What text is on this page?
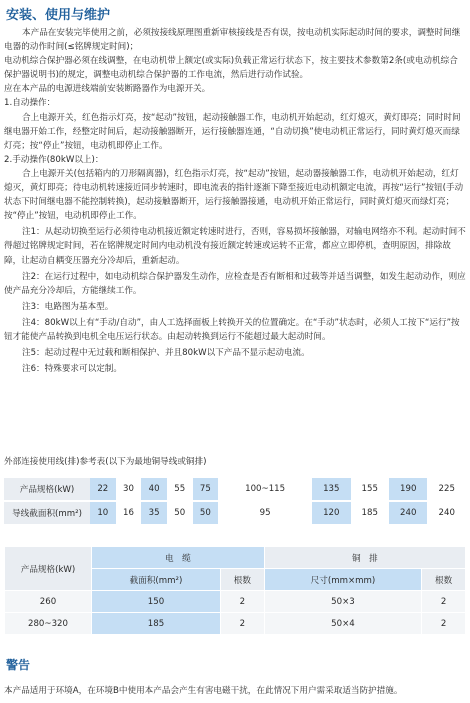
安装、使用与维护

本产品在安装完毕使用之前，必须按接线原理图重新审核接线是否有误，按电动机实际起动时间的要求，调整时间继电器的动作时间(≤铭牌规定时间)；

电动机综合保护器必须在线调整，在电动机带上额定(或实际)负载正常运行状态下，按主要技术参数第2条(或电动机综合保护器说明书)的规定，调整电动机综合保护器的工作电流，然后进行动作试验。

应在本产品的电源进线端前安装断路器作为电源开关。

1.自动操作：

合上电源开关，红色指示灯亮，按“起动”按钮，起动接触器工作，电动机开始起动，红灯熄灭，黄灯即亮；同时时间继电器开始工作，经整定时间后，起动接触器断开，运行接触器连通，“自动切换”使电动机正常运行，同时黄灯熄灭而绿灯亮；按“停止”按钮，电动机即停止工作。

2.手动操作(80kW以上)：

合上电源开关(包括箱内的刀形隔离器)，红色指示灯亮，按“起动”按钮，起动器接触器工作，电动机开始起动，红灯熄灭，黄灯即亮；待电动机转速接近同步转速时，即电流表的指针逐渐下降至接近电动机额定电流，再按“运行”按钮(手动状态下时间继电器不能控制转换)，起动接触器断开，运行接触器接通，电动机开始正常运行，同时黄灯熄灭而绿灯亮；按“停止”按钮，电动机即停止工作。

注1：从起动切换至运行必须待电动机接近额定转速时进行，否则，容易损坏接触器，对输电网络亦不利。起动时间不得超过铭牌规定时间，若在铭牌规定时间内电动机没有接近额定转速或运转不正常，都应立即停机，查明原因，排除故障，让起动自耦变压器充分冷却后，重新起动。

注2：在运行过程中，如电动机综合保护器发生动作，应检查是否有断相和过载等并适当调整，如发生起动动作，则应使产品充分冷却后，方能继续工作。

注3：电路图为基本型。

注4：80kW以上有“手动/自动”，由人工选择面板上转换开关的位置确定。在“手动”状态时，必须人工按下“运行”按钮才能使产品转换到电机全电压运行状态。由起动转换到运行不能超过最大起动时间。

注5：起动过程中无过载和断相保护、并且80kW以下产品不显示起动电流。

注6：特殊要求可以定制。

外部连接使用线(排)参考表(以下为最地铜导线或铜排)
产品规格(kW)	22	30	40	55	75	100~115	135	155	190	225
导线截面积(mm²)	10	16	35	50	50	95	120	185	240	240
产品规格(kW)	电　缆		铜　排	
	截面积(mm²)	根数	尺寸(mm×mm)	根数
260	150	2	50×3	2
280~320	185	2	50×4	2
警告
本产品适用于环境A，在环境B中使用本产品会产生有害电磁干扰，在此情况下用户需采取适当防护措施。
